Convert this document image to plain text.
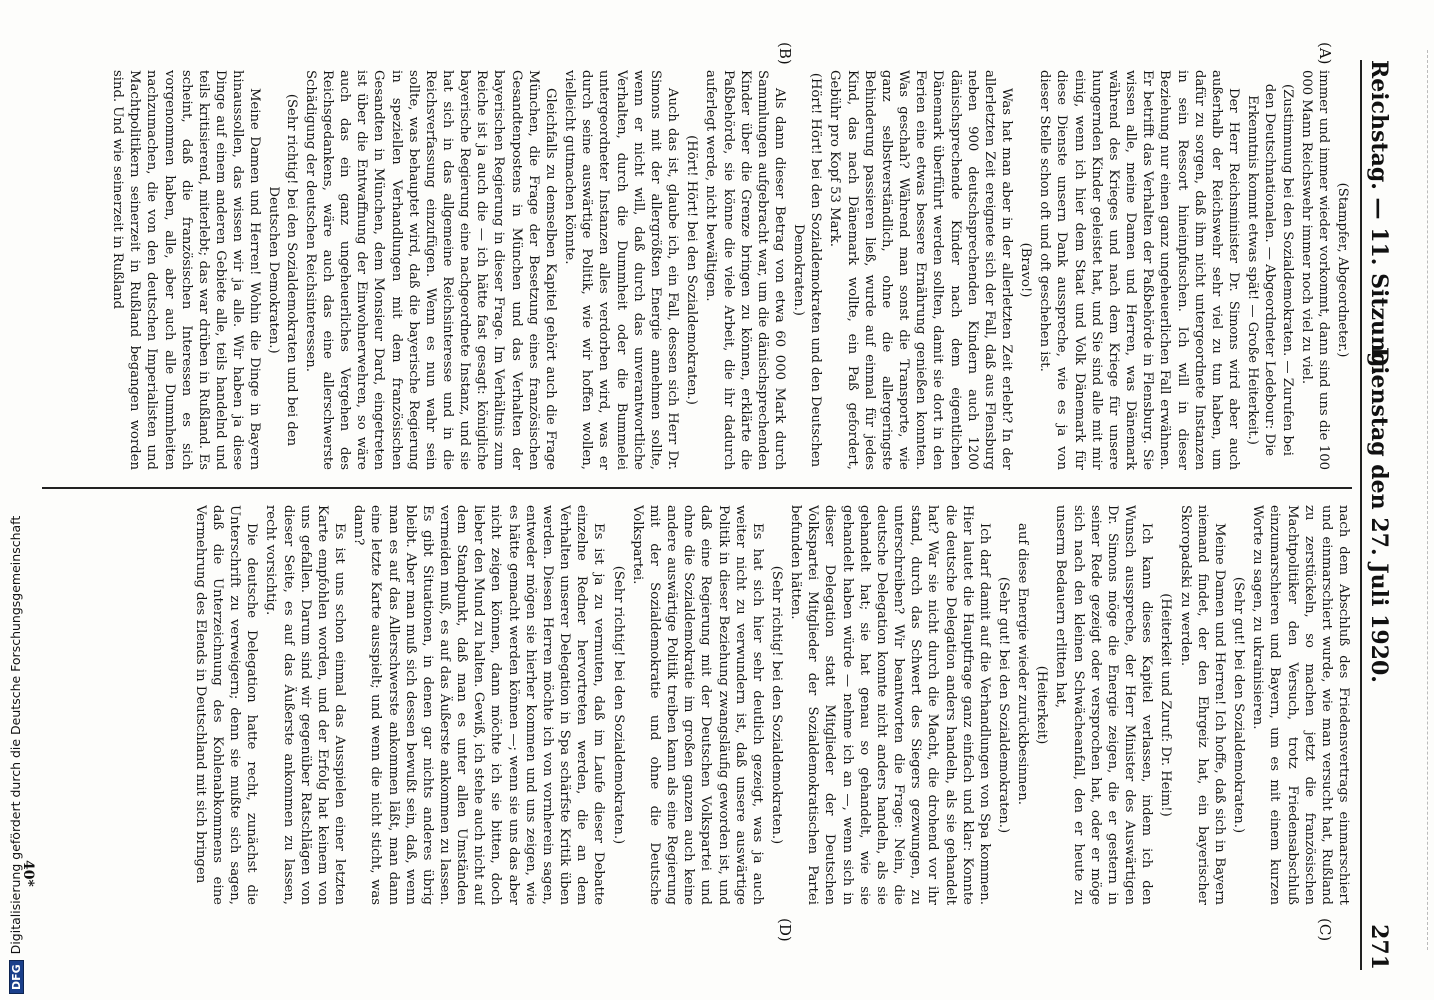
Reichstag. — 11. Sitzung.
Dienstag den 27. Juli 1920.
271
(A)
(B)
(C)
(D)

(Stampfer, Abgeordneter.)

immer und immer wieder vorkommt, dann sind uns die 100 000 Mann Reichswehr immer noch viel zu viel.

(Zustimmung bei den Sozialdemokraten. — Zurufen bei den Deutschnationalen. — Abgeordneter Ledebour: Die Erkenntnis kommt etwas spät! — Große Heiterkeit.)

Der Herr Reichsminister Dr. Simons wird aber auch außerhalb der Reichswehr sehr viel zu tun haben, um dafür zu sorgen, daß ihm nicht untergeordnete Instanzen in sein Ressort hineinpfuschen. Ich will in dieser Beziehung nur einen ganz ungeheuerlichen Fall erwähnen. Er betrifft das Verhalten der Paßbehörde in Flensburg. Sie wissen alle, meine Damen und Herren, was Dänemark während des Krieges und nach dem Kriege für unsere hungernden Kinder geleistet hat, und Sie sind alle mit mir einig, wenn ich hier dem Staat und Volk Dänemark für diese Dienste unsern Dank ausspreche, wie es ja von dieser Stelle schon oft und oft geschehen ist.

(Bravo!)

Was hat man aber in der allerletzten Zeit erlebt? In der allerletzten Zeit ereignete sich der Fall, daß aus Flensburg neben 900 deutschsprechenden Kindern auch 1200 dänischsprechende Kinder nach dem eigentlichen Dänemark überführt werden sollten, damit sie dort in den Ferien eine etwas bessere Ernährung genießen konnten. Was geschah? Während man sonst die Transporte, wie ganz selbstverständlich, ohne die allergeringste Behinderung passieren ließ, wurde auf einmal für jedes Kind, das nach Dänemark wollte, ein Paß gefordert, Gebühr pro Kopf 53 Mark.

(Hört! Hört! bei den Sozialdemokraten und den Deutschen Demokraten.)

Als dann dieser Betrag von etwa 60 000 Mark durch Sammlungen aufgebracht war, um die dänischsprechenden Kinder über die Grenze bringen zu können, erklärte die Paßbehörde, sie könne die viele Arbeit, die ihr dadurch auferlegt werde, nicht bewältigen.

(Hört! Hört! bei den Sozialdemokraten.)

Auch das ist, glaube ich, ein Fall, dessen sich Herr Dr. Simons mit der allergrößten Energie annehmen sollte, wenn er nicht will, daß durch das unverantwortliche Verhalten, durch die Dummheit oder die Bummelei untergeordneter Instanzen alles verdorben wird, was er durch seine auswärtige Politik, wie wir hoffen wollen, vielleicht gutmachen könnte.

Gleichfalls zu demselben Kapitel gehört auch die Frage München, die Frage der Besetzung eines französischen Gesandtenpostens in München und das Verhalten der bayerischen Regierung in dieser Frage. Im Verhältnis zum Reiche ist ja auch die — ich hätte fast gesagt: königliche bayerische Regierung eine nachgeordnete Instanz, und sie hat sich in das allgemeine Reichsinteresse und in die Reichsverfassung einzufügen. Wenn es nun wahr sein sollte, was behauptet wird, daß die bayerische Regierung in speziellen Verhandlungen mit dem französischen Gesandten in München, dem Monsieur Dard, eingetreten ist über die Entwaffnung der Einwohnerwehren, so wäre auch das ein ganz ungeheuerliches Vergehen des Reichsgedankens, wäre auch das eine allerschwerste Schädigung der deutschen Reichsinteressen.

(Sehr richtig! bei den Sozialdemokraten und bei den Deutschen Demokraten.)

Meine Damen und Herren! Wohin die Dinge in Bayern hinaussollen, das wissen wir ja alle. Wir haben ja diese Dinge auf einem anderen Gebiete alle, teils handelnd und teils kritisierend, miterlebt; das war drüben in Rußland. Es scheint, daß die französischen Interessen es sich vorgenommen haben, alle, aber auch alle Dummheiten nachzumachen, die von den deutschen Imperialisten und Machtpolitikern seinerzeit in Rußland begangen worden sind. Und wie seinerzeit in Rußland

nach dem Abschluß des Friedensvertrags einmarschiert und einmarschiert wurde, wie man versucht hat, Rußland zu zerstückeln, so machen jetzt die französischen Machtpolitiker den Versuch, trotz Friedensabschluß einzumarschieren und Bayern, um es mit einem kurzen Worte zu sagen, zu ukrainisieren.

(Sehr gut! bei den Sozialdemokraten.)

Meine Damen und Herren! Ich hoffe, daß sich in Bayern niemand findet, der den Ehrgeiz hat, ein bayerischer Skoropadski zu werden.

(Heiterkeit und Zuruf: Dr. Heim!)

Ich kann dieses Kapitel verlassen, indem ich den Wunsch ausspreche, der Herr Minister des Auswärtigen Dr. Simons möge die Energie zeigen, die er gestern in seiner Rede gezeigt oder versprochen hat, oder er möge sich nach den kleinen Schwächeanfall, den er heute zu unserm Bedauern erlitten hat,

(Heiterkeit)

auf diese Energie wieder zurückbesinnen.

(Sehr gut! bei den Sozialdemokraten.)

Ich darf damit auf die Verhandlungen von Spa kommen. Hier lautet die Hauptfrage ganz einfach und klar: Konnte die deutsche Delegation anders handeln, als sie gehandelt hat? War sie nicht durch die Macht, die drohend vor ihr stand, durch das Schwert des Siegers gezwungen, zu unterschreiben? Wir beantworten die Frage: Nein, die deutsche Delegation konnte nicht anders handeln, als sie gehandelt hat; sie hat genau so gehandelt, wie sie gehandelt haben würde — nehme ich an —, wenn sich in dieser Delegation statt Mitglieder der Deutschen Volkspartei Mitglieder der Sozialdemokratischen Partei befunden hätten.

(Sehr richtig! bei den Sozialdemokraten.)

Es hat sich hier sehr deutlich gezeigt, was ja auch weiter nicht zu verwundern ist, daß unsere auswärtige Politik in dieser Beziehung zwangsläufig geworden ist, und daß eine Regierung mit der Deutschen Volkspartei und ohne die Sozialdemokratie im großen ganzen auch keine andere auswärtige Politik treiben kann als eine Regierung mit der Sozialdemokratie und ohne die Deutsche Volkspartei.

(Sehr richtig! bei den Sozialdemokraten.)

Es ist ja zu vermuten, daß im Laufe dieser Debatte einzelne Redner hervortreten werden, die an dem Verhalten unserer Delegation in Spa schärfste Kritik üben werden. Diesen Herren möchte ich von vornherein sagen, entweder mögen sie hierher kommen und uns zeigen, wie es hätte gemacht werden können —; wenn sie uns das aber nicht zeigen können, dann möchte ich sie bitten, doch lieber den Mund zu halten. Gewiß, ich stehe auch nicht auf dem Standpunkt, daß man es unter allen Umständen vermeiden muß, es auf das Äußerste ankommen zu lassen. Es gibt Situationen, in denen gar nichts anderes übrig bleibt. Aber man muß sich dessen bewußt sein, daß, wenn man es auf das Allerschwerste ankommen läßt, man dann eine letzte Karte ausspielt; und wenn die nicht sticht, was dann?

Es ist uns schon einmal das Ausspielen einer letzten Karte empfohlen worden, und der Erfolg hat keinem von uns gefallen. Darum sind wir gegenüber Ratschlägen von dieser Seite, es auf das Äußerste ankommen zu lassen, recht vorsichtig.

Die deutsche Delegation hatte recht, zunächst die Unterschrift zu verweigern; denn sie mußte sich sagen, daß die Unterzeichnung des Kohlenabkommens eine Vermehrung des Elends in Deutschland mit sich bringen

40*
DFGDigitalisierung gefördert durch die Deutsche Forschungsgemeinschaft
